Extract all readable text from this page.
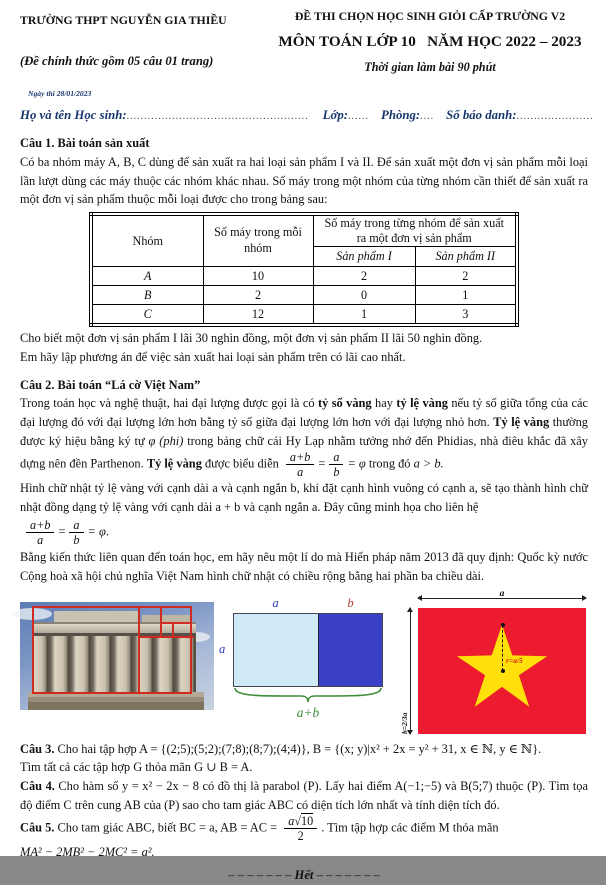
TRƯỜNG THPT NGUYỄN GIA THIỀU
(Đề chính thức gồm 05 câu 01 trang)
ĐỀ THI CHỌN HỌC SINH GIỎI CẤP TRƯỜNG V2
MÔN TOÁN LỚP 10   NĂM HỌC 2022 – 2023
Thời gian làm bài 90 phút
Ngày thi 28/01/2023
Họ và tên Học sinh: .................................................... Lớp: ...... Phòng: .... Số báo danh: ......................
Câu 1. Bài toán sản xuất

Có ba nhóm máy A, B, C dùng để sản xuất ra hai loại sản phẩm I và II. Để sản xuất một đơn vị sản phẩm mỗi loại lần lượt dùng các máy thuộc các nhóm khác nhau. Số máy trong một nhóm của từng nhóm cần thiết để sản xuất ra một đơn vị sản phẩm thuộc mỗi loại được cho trong bảng sau:

Nhóm	Số máy trong mỗi nhóm	Số máy trong từng nhóm để sản xuất ra một đơn vị sản phẩm	
		Sản phẩm I	Sản phẩm II
A	10	2	2
B	2	0	1
C	12	1	3

Cho biết một đơn vị sản phẩm I lãi 30 nghìn đồng, một đơn vị sản phẩm II lãi 50 nghìn đồng.

Em hãy lập phương án để việc sản xuất hai loại sản phẩm trên có lãi cao nhất.

Câu 2. Bài toán “Lá cờ Việt Nam”

Trong toán học và nghệ thuật, hai đại lượng được gọi là có tỷ số vàng hay tỷ lệ vàng nếu tỷ số giữa tổng của các đại lượng đó với đại lượng lớn hơn bằng tỷ số giữa đại lượng lớn hơn với đại lượng nhỏ hơn. Tỷ lệ vàng thường được ký hiệu bằng ký tự φ (phi) trong bảng chữ cái Hy Lạp nhằm tưởng nhớ đến Phidias, nhà điêu khắc đã xây dựng nên đền Parthenon. Tỷ lệ vàng được biểu diễn $\frac{a+b}{a} = \frac{a}{b} = \varphi$ trong đó a > b.

Hình chữ nhật tỷ lệ vàng với cạnh dài a và cạnh ngắn b, khi đặt cạnh hình vuông có cạnh a, sẽ tạo thành hình chữ nhật đồng dạng tỷ lệ vàng với cạnh dài a + b và cạnh ngắn a. Đây cũng minh họa cho liên hệ

$\frac{a+b}{a} = \frac{a}{b} = \varphi$.

Bằng kiến thức liên quan đến toán học, em hãy nêu một lí do mà Hiến pháp năm 2013 đã quy định: Quốc kỳ nước Cộng hoà xã hội chủ nghĩa Việt Nam hình chữ nhật có chiều rộng bằng hai phần ba chiều dài.

a	b
a
a+b
a
b=2/3a
r=a/5

Câu 3. Cho hai tập hợp A = {(2;5);(5;2);(7;8);(8;7);(4;4)}, B = {(x; y)|x² + 2x = y² + 31, x ∈ ℕ, y ∈ ℕ}.

Tìm tất cả các tập hợp G thỏa mãn G ∪ B = A.

Câu 4. Cho hàm số y = x² − 2x − 8 có đồ thị là parabol (P). Lấy hai điểm A(−1;−5) và B(5;7) thuộc (P). Tìm tọa độ điểm C trên cung AB của (P) sao cho tam giác ABC có diện tích lớn nhất và tính diện tích đó.

Câu 5. Cho tam giác ABC, biết BC = a, AB = AC = $\frac{a√10}{2}$ . Tìm tập hợp các điểm M thỏa mãn

MA² − 2MB² − 2MC² = a².

– – – – – – – Hết – – – – – – –
